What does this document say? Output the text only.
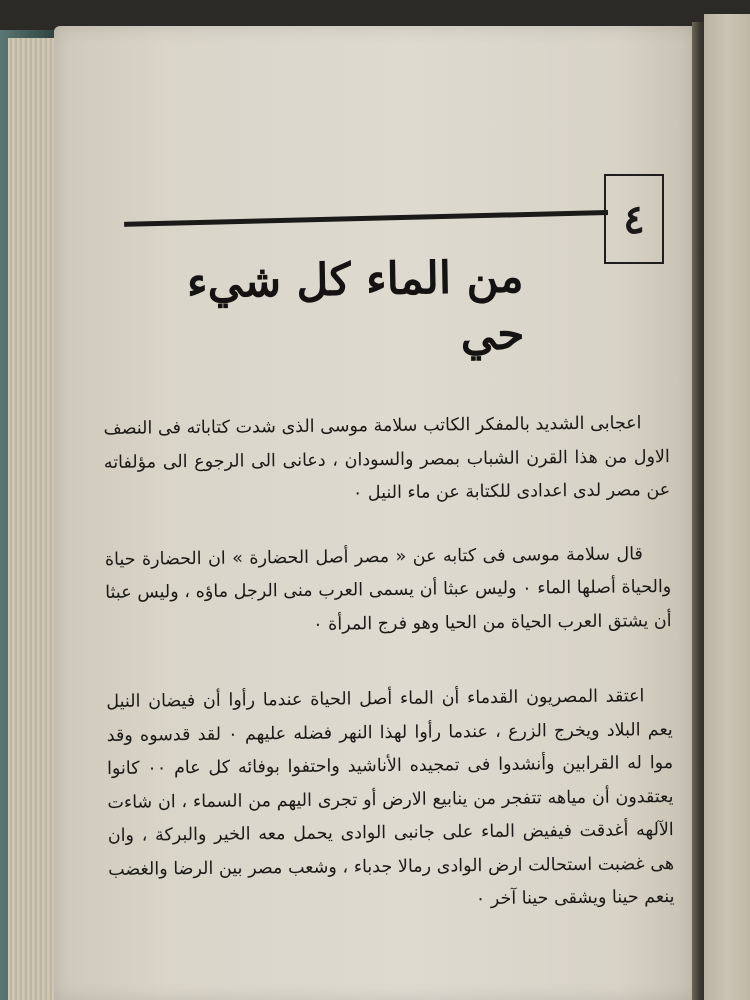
٤
من الماء كل شيء حي

اعجابى الشديد بالمفكر الكاتب سلامة موسى الذى شدت كتاباته فى النصف الاول من هذا القرن الشباب بمصر والسودان ، دعانى الى الرجوع الى مؤلفاته عن مصر لدى اعدادى للكتابة عن ماء النيل ٠

قال سلامة موسى فى كتابه عن « مصر أصل الحضارة » ان الحضارة حياة والحياة أصلها الماء ٠ وليس عبثا أن يسمى العرب منى الرجل ماؤه ، وليس عبثا أن يشتق العرب الحياة من الحيا وهو فرج المرأة ٠

اعتقد المصريون القدماء أن الماء أصل الحياة عندما رأوا أن فيضان النيل يعم البلاد ويخرج الزرع ، عندما رأوا لهذا النهر فضله عليهم ٠ لقد قدسوه وقد موا له القرابين وأنشدوا فى تمجيده الأناشيد واحتفوا بوفائه كل عام ٠٠ كانوا يعتقدون أن مياهه تتفجر من ينابيع الارض أو تجرى اليهم من السماء ، ان شاءت الآلهه أغدقت فيفيض الماء على جانبى الوادى يحمل معه الخير والبركة ، وان هى غضبت استحالت ارض الوادى رمالا جدباء ، وشعب مصر بين الرضا والغضب ينعم حينا ويشقى حينا آخر ٠
